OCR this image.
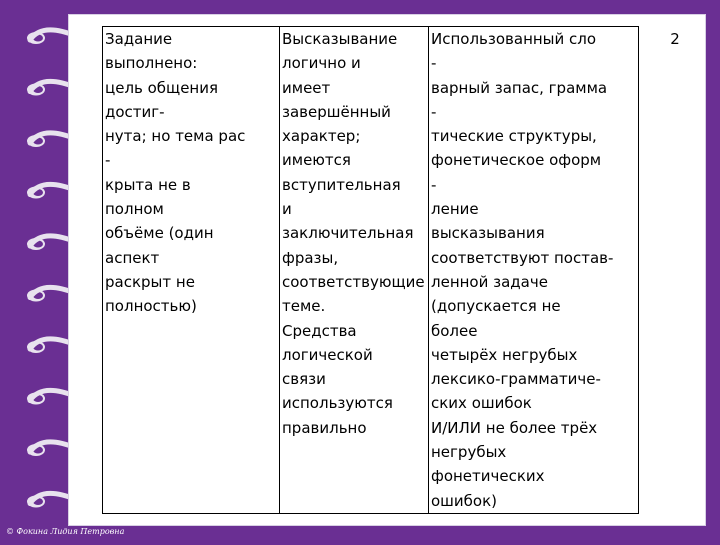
Задание
выполнено:
цель общения
достиг-
нута; но тема рас
-
крыта не в
полном
объёме (один
аспект
раскрыт не
полностью)

Высказывание
логично и
имеет
завершённый
характер;
имеются
вступительная
и
заключительная
фразы,
соответствующие
теме.
Средства
логической
связи
используются
правильно

Использованный сло
-
варный запас, грамма
-
тические структуры,
фонетическое оформ
-
ление
высказывания
соответствуют постав-
ленной задаче
(допускается не
более
четырёх негрубых
лексико-грамматиче-
ских ошибок
И/ИЛИ не более трёх
негрубых
фонетических
ошибок)
	2
© Фокина Лидия Петровна
